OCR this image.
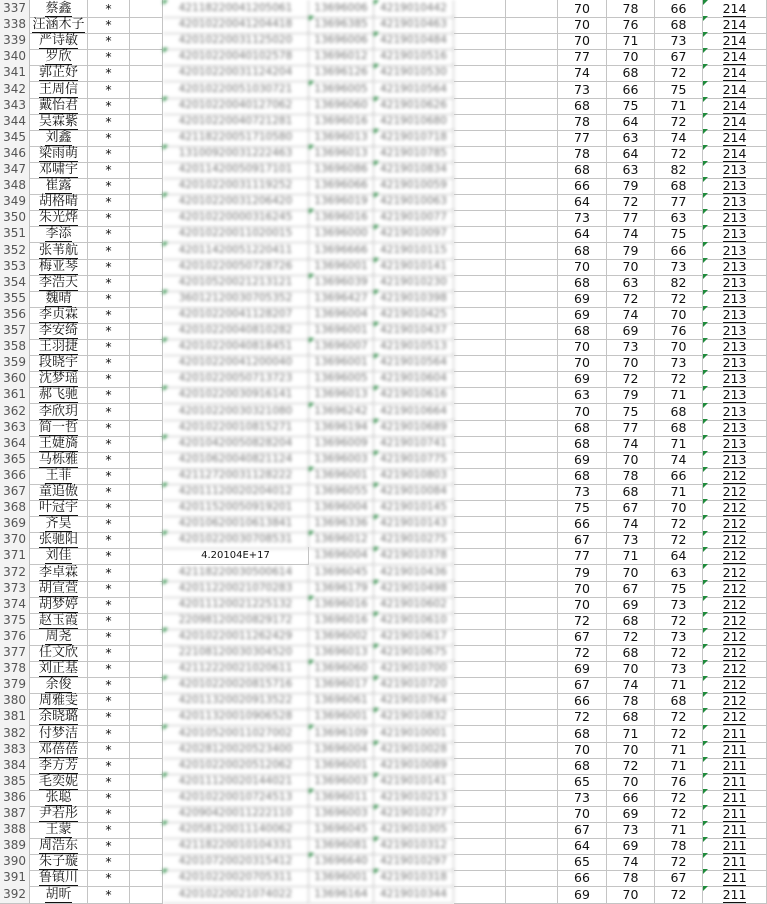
337	蔡鑫	*	42118220041205061	13696006	4219010442	70	78	66	214
338 汪涵木子	*	42010220041204418	13696385	4219010463	70	76	68	214
339 严诗敏	*	42010220031125020	13696006	4219010484	70	71	73	214
340	罗欣	*	42010220040102578	13696012	4219010516	77	70	67	214
341 郭芷妤	*	42010220031124204	13696126	4219010530	74	68	72	214
342 王周信	*	42010220051030721	13696005	4219010564	73	66	75	214
343 戴怡君	*	42010220040127062	13696060	4219010626	68	75	71	214
344 吴霖紫	*	42010220040721281	13696016	4219010680	78	64	72	214
345	刘鑫	*	42118220051710580	13696013	4219010718	77	63	74	214
346 梁雨萌	*	13100920031222463	13696013	4219010785	78	64	72	214
347 邓啸宇	*	42011420050917101	13696086	4219010834	68	63	82	213
348	崔露	*	42010220031119252	13696066	4219010059	66	79	68	213
349 胡格晴	*	42010220031206420	13696019	4219010063	64	72	77	213
350 朱光烨	*	42010220000316245	13696016	4219010077	73	77	63	213
351	李添	*	42010220011020015	13696000	4219010097	64	74	75	213
352 张苇航	*	42011420051220411	13696666	4219010115	68	79	66	213
353 梅亚琴	*	42010220050728726	13696001	4219010141	70	70	73	213
354 李浩天	*	42010520021213121	13696039	4219010230	68	63	82	213
355	魏晴	*	36012120030705352	13696427	4219010398	69	72	72	213
356 李贞霖	*	42010220041128207	13696004	4219010425	69	74	70	213
357 李安绮	*	42010220040810282	13696001	4219010437	68	69	76	213
358 王羽捷	*	42010220040818451	13696007	4219010513	70	73	70	213
359 段晓宇	*	42010220041200040	13696001	4219010564	70	70	73	213
360 沈梦瑶	*	42010220050713723	13696005	4219010604	69	72	72	213
361 郝飞驰	*	42010220030916141	13696013	4219010616	63	79	71	213
362 李欣玥	*	42010220030321080	13696242	4219010664	70	75	68	213
363 简一哲	*	42010220010815271	13696194	4219010689	68	77	68	213
364 王婕旖	*	42010420050828204	13696009	4219010741	68	74	71	213
365 马栎雅	*	42010620040821124	13696003	4219010775	69	70	74	213
366	王菲	*	42112720031128222	13696001	4219010803	68	78	66	212
367 童追傲	*	42011120020204012	13696055	4219010084	73	68	71	212
368 叶冠宇	*	42011520050919201	13696004	4219010145	75	67	70	212
369	齐昊	*	42010620010613841	13696336	4219010143	66	74	72	212
370 张驰阳	*	42010220030708531	13696012	4219010275	67	73	72	212
371	刘佳	*	4.20104E+17	13696004	4219010378	77	71	64	212
372 李卓霖	*	42118220030500614	13696045	4219010436	79	70	63	212
373 胡宣萱	*	42011220021070283	13696179	4219010498	70	67	75	212
374 胡梦婷	*	42011120021225132	13696016	4219010602	70	69	73	212
375 赵玉霞	*	22098120020829172	13696016	4219010610	72	68	72	212
376	周尧	*	42010220011262429	13696002	4219010617	67	72	73	212
377 任文欣	*	22108120030304520	13696013	4219010675	72	68	72	212
378 刘正基	*	42112220021020611	13696060	4219010700	69	70	73	212
379	余俊	*	42010220020815716	13696017	4219010720	67	74	71	212
380 周雅雯	*	42011320020913522	13696061	4219010764	66	78	68	212
381 余晓璐	*	42011320010906528	13696001	4219010832	72	68	72	212
382 付梦洁	*	42010520011027002	13696109	4219010001	68	71	72	211
383 邓蓓蓓	*	42028120020523400	13696004	4219010028	70	70	71	211
384 李方芳	*	42010220020512062	13696001	4219010089	68	72	71	211
385 毛奕妮	*	42011120020144021	13696003	4219010141	65	70	76	211
386	张聪	*	42010220010724513	13696011	4219010213	73	66	72	211
387 尹若彤	*	42090420011222110	13696003	4219010277	70	69	72	211
388	王蒙	*	42058120011140062	13696045	4219010305	67	73	71	211
389 周浩东	*	42118220010104331	13696081	4219010312	64	69	78	211
390 朱子璇	*	42010720020315412	13696640	4219010297	65	74	72	211
391 鲁镇川	*	42010220020705311	13696001	4219010318	66	78	67	211
392	胡昕	*	42010220021074022	13696164	4219010344	69	70	72	211
